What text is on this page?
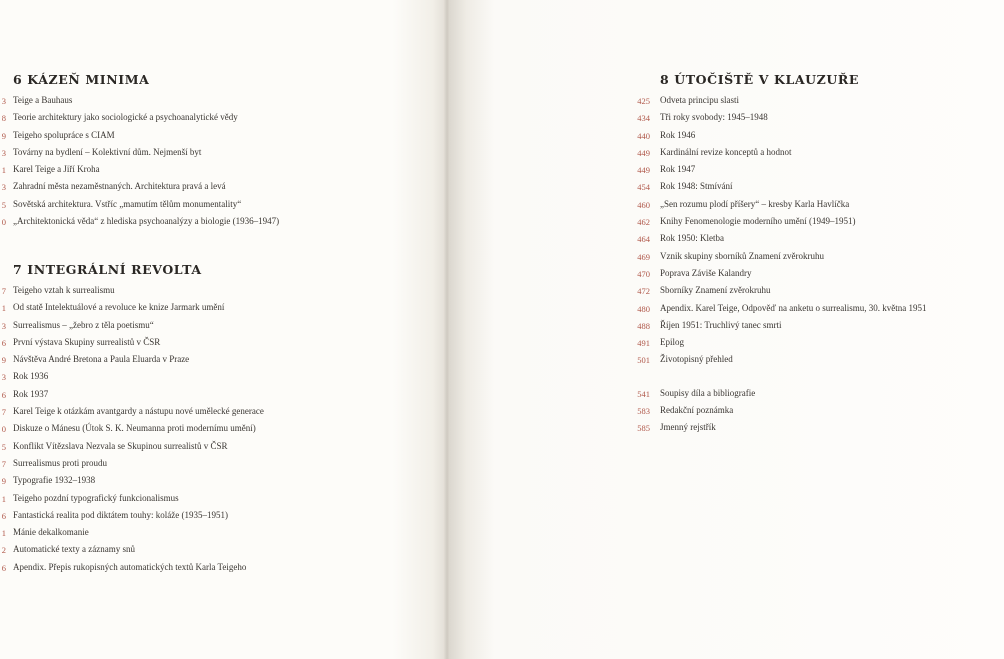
6 KÁZEŇ MINIMA
3 Teige a Bauhaus
8 Teorie architektury jako sociologické a psychoanalytické vědy
9 Teigeho spolupráce s CIAM
3 Továrny na bydlení – Kolektivní dům. Nejmenší byt
1 Karel Teige a Jiří Kroha
3 Zahradní města nezaměstnaných. Architektura pravá a levá
5 Sovětská architektura. Vstříc „mamutím tělům monumentality“
0 „Architektonická věda“ z hlediska psychoanalýzy a biologie (1936–1947)
7 INTEGRÁLNÍ REVOLTA
7 Teigeho vztah k surrealismu
1 Od statě Intelektuálové a revoluce ke knize Jarmark umění
3 Surrealismus – „žebro z těla poetismu“
6 První výstava Skupiny surrealistů v ČSR
9 Návštěva André Bretona a Paula Eluarda v Praze
3 Rok 1936
6 Rok 1937
7 Karel Teige k otázkám avantgardy a nástupu nové umělecké generace
0 Diskuze o Mánesu (Útok S. K. Neumanna proti modernímu umění)
5 Konflikt Vítězslava Nezvala se Skupinou surrealistů v ČSR
7 Surrealismus proti proudu
9 Typografie 1932–1938
1 Teigeho pozdní typografický funkcionalismus
6 Fantastická realita pod diktátem touhy: koláže (1935–1951)
1 Mánie dekalkomanie
2 Automatické texty a záznamy snů
6 Apendix. Přepis rukopisných automatických textů Karla Teigeho
8 ÚTOČIŠTĚ V KLAUZUŘE
425 Odveta principu slasti
434 Tři roky svobody: 1945–1948
440 Rok 1946
449 Kardinální revize konceptů a hodnot
449 Rok 1947
454 Rok 1948: Stmívání
460 „Sen rozumu plodí příšery“ – kresby Karla Havlíčka
462 Knihy Fenomenologie moderního umění (1949–1951)
464 Rok 1950: Kletba
469 Vznik skupiny sborníků Znamení zvěrokruhu
470 Poprava Záviše Kalandry
472 Sborníky Znamení zvěrokruhu
480 Apendix. Karel Teige, Odpověď na anketu o surrealismu, 30. května 1951
488 Říjen 1951: Truchlivý tanec smrti
491 Epilog
501 Životopisný přehled
541 Soupisy díla a bibliografie
583 Redakční poznámka
585 Jmenný rejstřík
